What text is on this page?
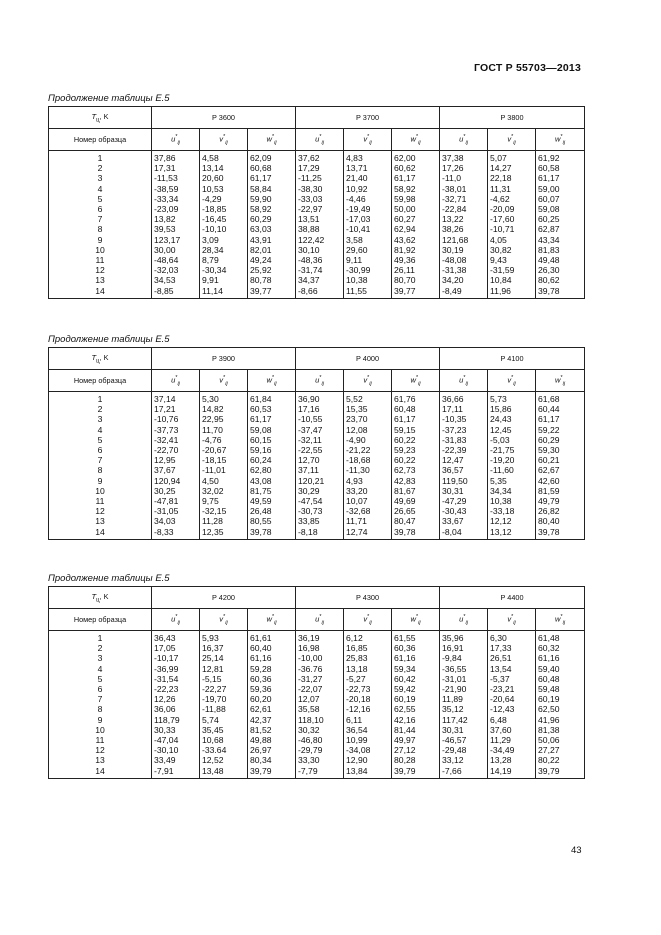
ГОСТ Р 55703—2013
Продолжение таблицы Е.5
$T_ц$, K	P 3600			P 3700			P 3800		
Номер образца	$u^*_{ij}$	$v^*_{ij}$	$w^*_{ij}$	$u^*_{ij}$	$v^*_{ij}$	$w^*_{ij}$	$u^*_{ij}$	$v^*_{ij}$	$w^*_{ij}$
1	37,86	4,58	62,09	37,62	4,83	62,00	37,38	5,07	61,92
2	17,31	13,14	60,68	17,29	13,71	60,62	17,26	14,27	60,58
3	-11,53	20,60	61,17	-11,25	21,40	61,17	-11,0	22,18	61,17
4	-38,59	10,53	58,84	-38,30	10,92	58,92	-38,01	11,31	59,00
5	-33,34	-4,29	59,90	-33,03	-4,46	59,98	-32,71	-4,62	60,07
6	-23,09	-18,85	58,92	-22,97	-19,49	50,00	-22,84	-20,09	59,08
7	13,82	-16,45	60,29	13,51	-17,03	60,27	13,22	-17,60	60,25
8	39,53	-10,10	63,03	38,88	-10,41	62,94	38,26	-10,71	62,87
9	123,17	3,09	43,91	122,42	3,58	43,62	121,68	4,05	43,34
10	30,00	28,34	82,01	30,10	29,60	81,92	30,19	30,82	81,83
11	-48,64	8,79	49,24	-48,36	9,11	49,36	-48,08	9,43	49,48
12	-32,03	-30,34	25,92	-31,74	-30,99	26,11	-31,38	-31,59	26,30
13	34,53	9,91	80,78	34,37	10,38	80,70	34,20	10,84	80,62
14	-8,85	11,14	39,77	-8,66	11,55	39,77	-8,49	11,96	39,78
Продолжение таблицы Е.5
$T_ц$, K	P 3900			P 4000			P 4100		
Номер образца	$u^*_{ij}$	$v^*_{ij}$	$w^*_{ij}$	$u^*_{ij}$	$v^*_{ij}$	$w^*_{ij}$	$u^*_{ij}$	$v^*_{ij}$	$w^*_{ij}$
1	37,14	5,30	61,84	36,90	5,52	61,76	36,66	5,73	61,68
2	17,21	14,82	60,53	17,16	15,35	60,48	17,11	15,86	60,44
3	-10,76	22,95	61,17	-10,55	23,70	61,17	-10,35	24,43	61,17
4	-37,73	11,70	59,08	-37,47	12,08	59,15	-37,23	12,45	59,22
5	-32,41	-4,76	60,15	-32,11	-4,90	60,22	-31,83	-5,03	60,29
6	-22,70	-20,67	59,16	-22,55	-21,22	59,23	-22,39	-21,75	59,30
7	12,95	-18,15	60,24	12,70	-18,68	60,22	12,47	-19,20	60,21
8	37,67	-11,01	62,80	37,11	-11,30	62,73	36,57	-11,60	62,67
9	120,94	4,50	43,08	120,21	4,93	42,83	119,50	5,35	42,60
10	30,25	32,02	81,75	30,29	33,20	81,67	30,31	34,34	81,59
11	-47,81	9,75	49,59	-47,54	10,07	49,69	-47,29	10,38	49,79
12	-31,05	-32,15	26,48	-30,73	-32,68	26,65	-30,43	-33,18	26,82
13	34,03	11,28	80,55	33,85	11,71	80,47	33,67	12,12	80,40
14	-8,33	12,35	39,78	-8,18	12,74	39,78	-8,04	13,12	39,78
Продолжение таблицы Е.5
$T_ц$, K	P 4200			P 4300			P 4400		
Номер образца	$u^*_{ij}$	$v^*_{ij}$	$w^*_{ij}$	$u^*_{ij}$	$v^*_{ij}$	$w^*_{ij}$	$u^*_{ij}$	$v^*_{ij}$	$w^*_{ij}$
1	36,43	5,93	61,61	36,19	6,12	61,55	35,96	6,30	61,48
2	17,05	16,37	60,40	16,98	16,85	60,36	16,91	17,33	60,32
3	-10,17	25,14	61,16	-10,00	25,83	61,16	-9,84	26,51	61,16
4	-36,99	12,81	59,28	-36.76	13,18	59,34	-36,55	13,54	59,40
5	-31,54	-5,15	60,36	-31,27	-5,27	60,42	-31,01	-5,37	60,48
6	-22,23	-22,27	59,36	-22,07	-22,73	59,42	-21,90	-23,21	59,48
7	12,26	-19,70	60,20	12,07	-20,18	60,19	11,89	-20,64	60,19
8	36,06	-11,88	62,61	35,58	-12,16	62,55	35,12	-12,43	62,50
9	118,79	5,74	42,37	118,10	6,11	42,16	117,42	6,48	41,96
10	30,33	35,45	81,52	30,32	36,54	81,44	30,31	37,60	81,38
11	-47,04	10,68	49,88	-46,80	10,99	49,97	-46,57	11,29	50,06
12	-30,10	-33.64	26,97	-29,79	-34,08	27,12	-29,48	-34,49	27,27
13	33,49	12,52	80,34	33,30	12,90	80,28	33,12	13,28	80,22
14	-7,91	13,48	39,79	-7,79	13,84	39,79	-7,66	14,19	39,79
43
